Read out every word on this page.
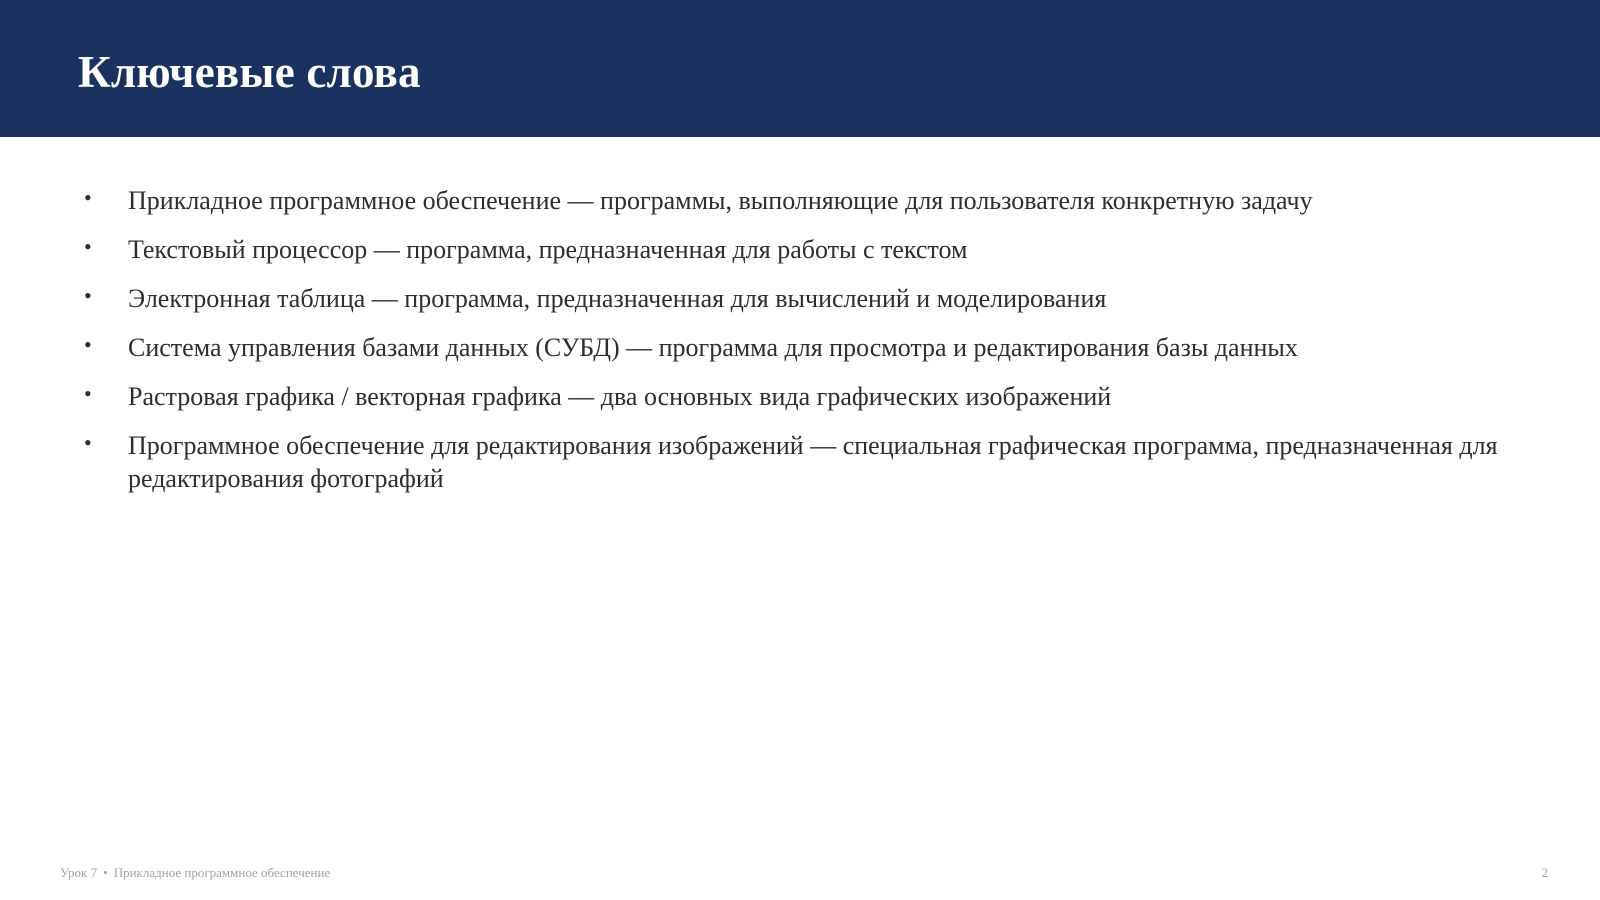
Ключевые слова
• Прикладное программное обеспечение — программы, выполняющие для пользователя конкретную задачу
• Текстовый процессор — программа, предназначенная для работы с текстом
• Электронная таблица — программа, предназначенная для вычислений и моделирования
• Система управления базами данных (СУБД) — программа для просмотра и редактирования базы данных
• Растровая графика / векторная графика — два основных вида графических изображений
• Программное обеспечение для редактирования изображений — специальная графическая программа, предназначенная для редактирования фотографий
Урок 7 • Прикладное программное обеспечение	2
